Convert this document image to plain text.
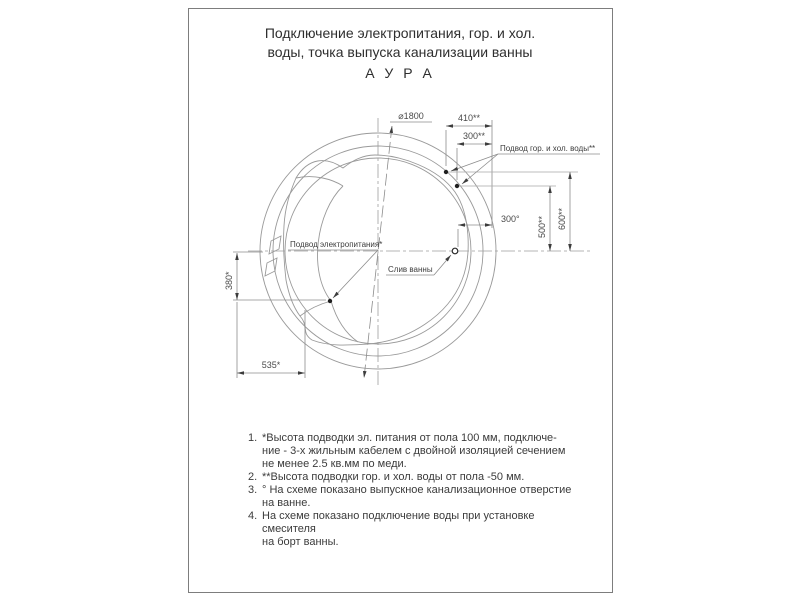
Подключение электропитания, гор. и хол.
воды, точка выпуска канализации ванны
А У Р А
⌀1800	410**
300**
Подвод гор. и хол. воды**
600**
500**
300°
Слив ванны
Подвод электропитания*
380*
535*
1. *Высота подводки эл. питания от пола 100 мм, подключе-
ние - 3-х жильным кабелем с двойной изоляцией сечением
не менее 2.5 кв.мм по меди.
2. **Высота подводки гор. и хол. воды от пола -50 мм.
3. ° На схеме показано выпускное канализационное отверстие
на ванне.
4. На схеме показано подключение воды при установке смесителя
на борт ванны.
